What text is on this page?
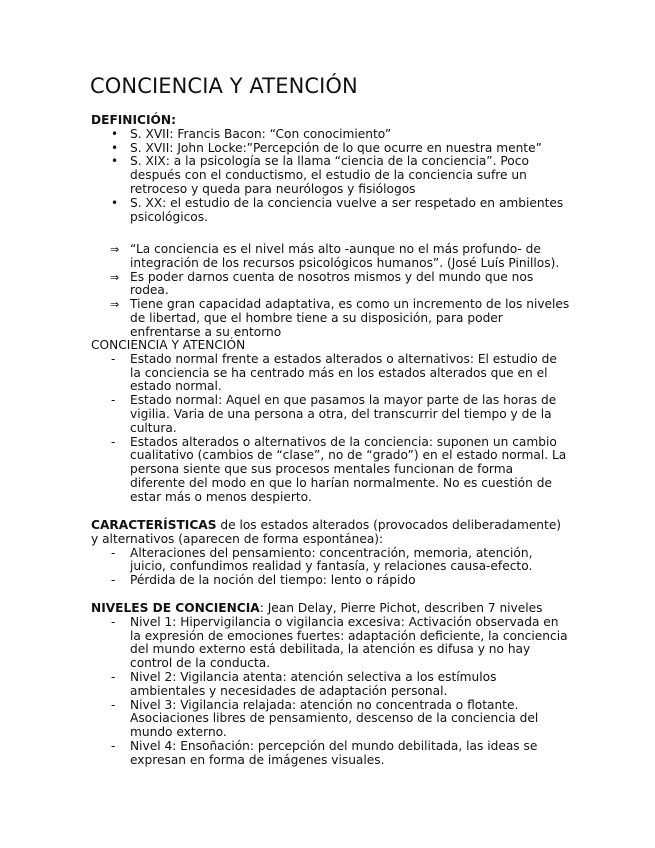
CONCIENCIA Y ATENCIÓN

DEFINICIÓN:

•
S. XVII: Francis Bacon: “Con conocimiento”
•
S. XVII: John Locke:”Percepción de lo que ocurre en nuestra mente”
•
S. XIX: a la psicología se la llama “ciencia de la conciencia”. Poco después con el conductismo, el estudio de la conciencia sufre un retroceso y queda para neurólogos y fisiólogos
•
S. XX: el estudio de la conciencia vuelve a ser respetado en ambientes psicológicos.
⇒ “La conciencia es el nivel más alto -aunque no el más profundo- de integración de los recursos psicológicos humanos”. (José Luís Pinillos).
⇒ Es poder darnos cuenta de nosotros mismos y del mundo que nos rodea.
⇒ Tiene gran capacidad adaptativa, es como un incremento de los niveles de libertad, que el hombre tiene a su disposición, para poder enfrentarse a su entorno

CONCIENCIA Y ATENCIÓN

-	Estado normal frente a estados alterados o alternativos: El estudio de la conciencia se ha centrado más en los estados alterados que en el estado normal.
-	Estado normal: Aquel en que pasamos la mayor parte de las horas de vigilia. Varia de una persona a otra, del transcurrir del tiempo y de la cultura.
-	Estados alterados o alternativos de la conciencia: suponen un cambio cualitativo (cambios de “clase”, no de “grado”) en el estado normal. La persona siente que sus procesos mentales funcionan de forma diferente del modo en que lo harían normalmente. No es cuestión de estar más o menos despierto.

CARACTERÍSTICAS de los estados alterados (provocados deliberadamente) y alternativos (aparecen de forma espontánea):

-	Alteraciones del pensamiento: concentración, memoria, atención, juicio, confundimos realidad y fantasía, y relaciones causa-efecto.
-	Pérdida de la noción del tiempo: lento o rápido

NIVELES DE CONCIENCIA: Jean Delay, Pierre Pichot, describen 7 niveles

-	Nivel 1: Hipervigilancia o vigilancia excesiva: Activación observada en la expresión de emociones fuertes: adaptación deficiente, la conciencia del mundo externo está debilitada, la atención es difusa y no hay control de la conducta.
-	Nivel 2: Vigilancia atenta: atención selectiva a los estímulos ambientales y necesidades de adaptación personal.
-	Nivel 3: Vigilancia relajada: atención no concentrada o flotante. Asociaciones libres de pensamiento, descenso de la conciencia del mundo externo.
-	Nivel 4: Ensoñación: percepción del mundo debilitada, las ideas se expresan en forma de imágenes visuales.
